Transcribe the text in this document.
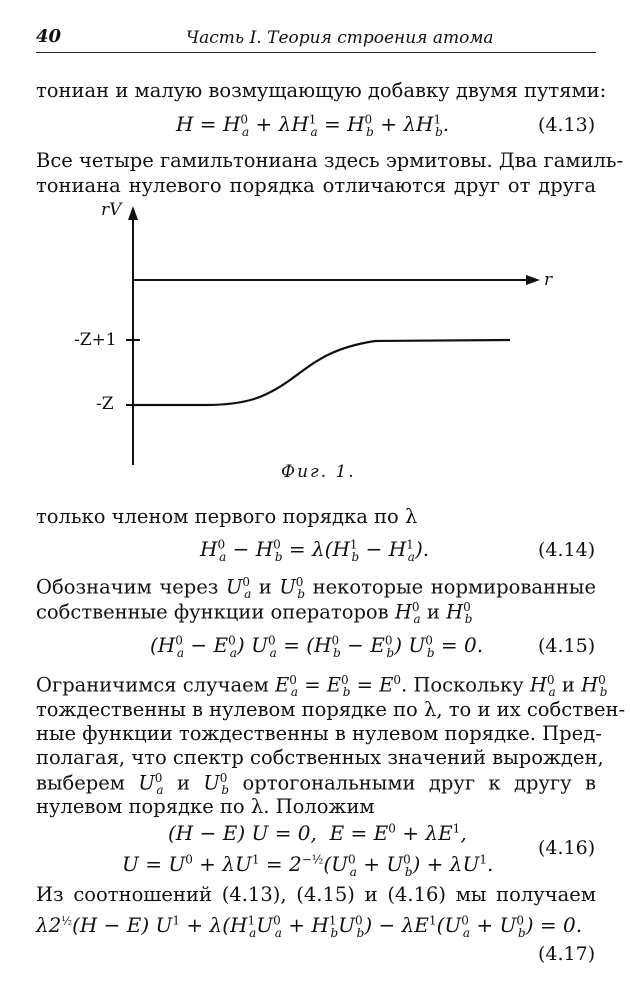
40	Часть I. Теория строения атома
тониан и малую возмущающую добавку двумя путями:
$H = H^0_a + \lambda H^1_a = H^0_b + \lambda H^1_b$.	(4.13)
Все четыре гамильтониана здесь эрмитовы. Два гамиль-
тониана нулевого порядка отличаются друг от друга
rV
r
-Z+1
-Z
Фиг. 1.
только членом первого порядка по λ
$H^0_a - H^0_b = \lambda(H^1_b - H^1_a)$.	(4.14)
Обозначим через $U^0_a$ и $U^0_b$ некоторые нормированные
собственные функции операторов $H^0_a$ и $H^0_b$
$(H^0_a - E^0_a) U^0_a = (H^0_b - E^0_b) U^0_b = 0$.	(4.15)
Ограничимся случаем $E^0_a = E^0_b = E^0$. Поскольку $H^0_a$ и $H^0_b$
тождественны в нулевом порядке по λ, то и их собствен-
ные функции тождественны в нулевом порядке. Пред-
полагая, что спектр собственных значений вырожден,
выберем $U^0_a$ и $U^0_b$ ортогональными друг к другу в
нулевом порядке по λ. Положим
(H − E) U = 0,  $E = E^0 + \lambda E^1$,
$U = U^0 + \lambda U^1 = 2^{-\frac{1}{2}}(U^0_a + U^0_b) + \lambda U^1$.
(4.16)
Из соотношений (4.13), (4.15) и (4.16) мы получаем
$\lambda 2^{\frac{1}{2}}(H - E) U^1 + \lambda(H^1_aU^0_a + H^1_bU^0_b) - \lambda E^1(U^0_a + U^0_b) = 0$.
(4.17)
